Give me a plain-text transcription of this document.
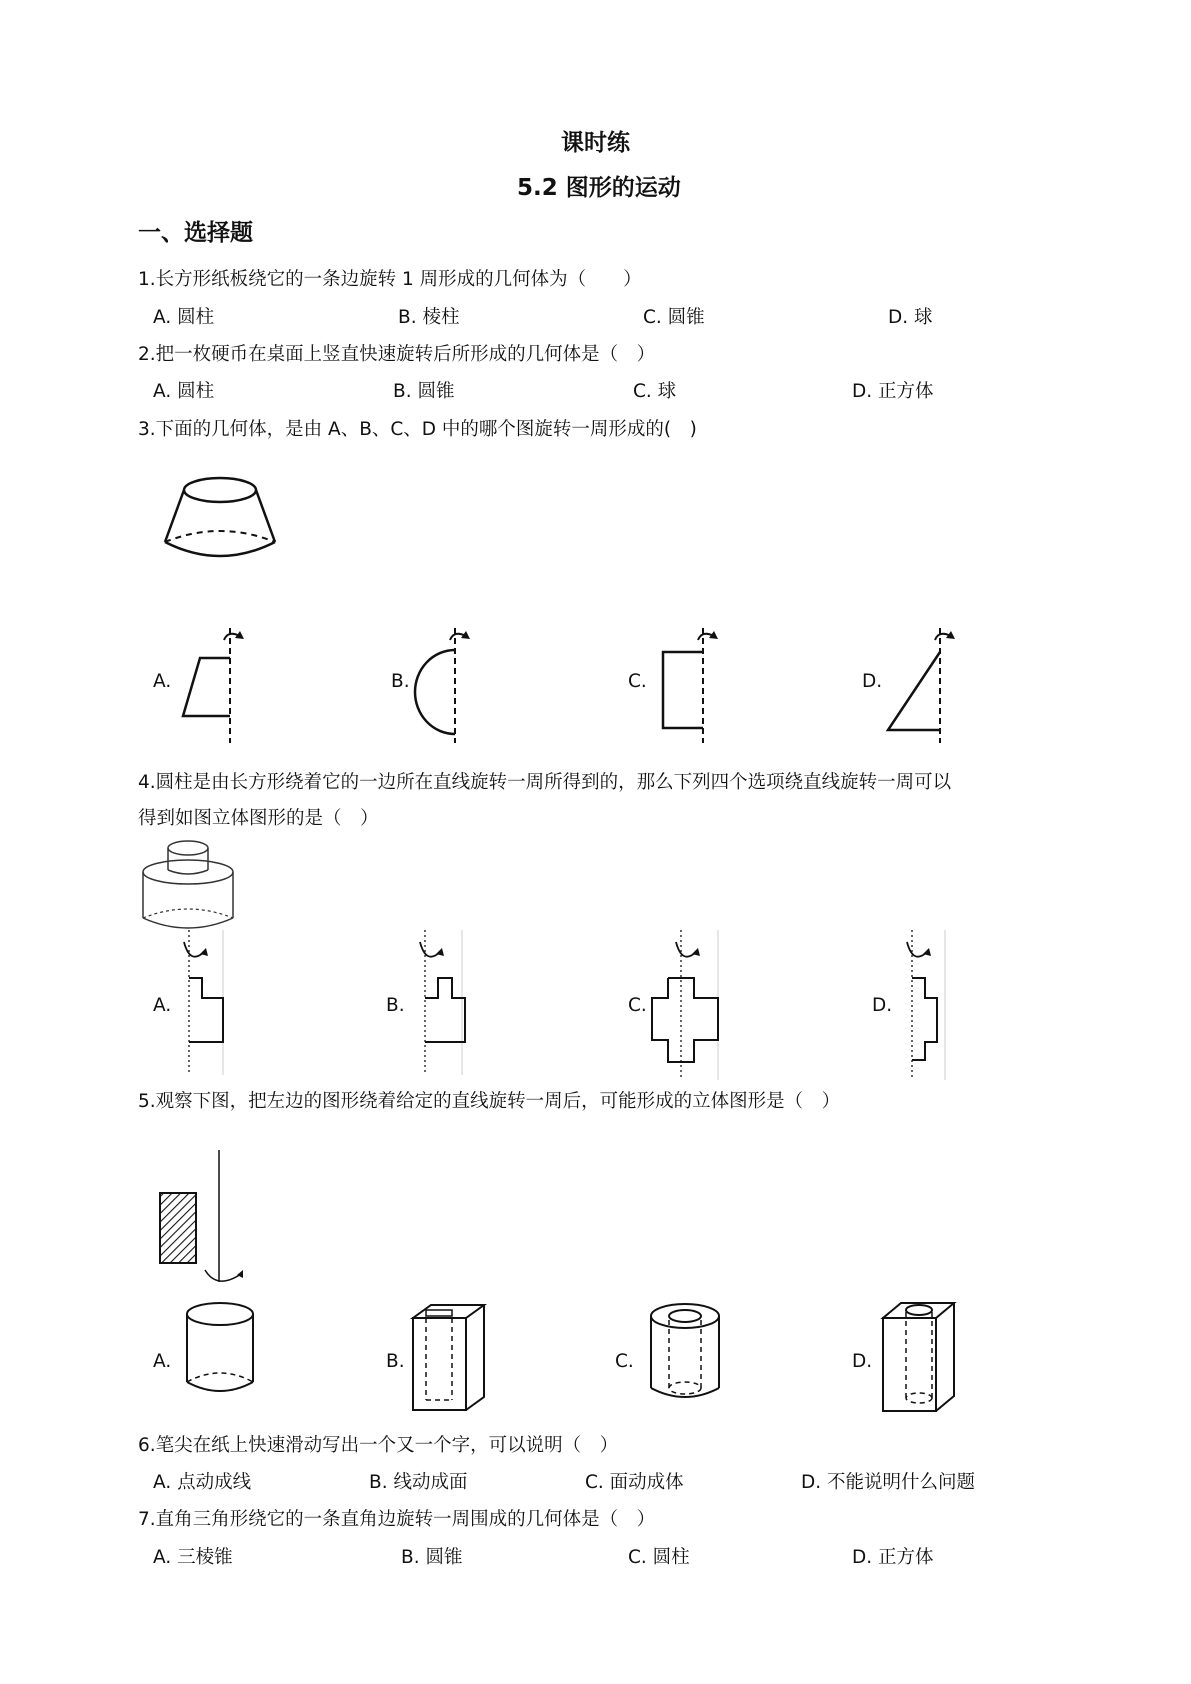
课时练
5.2 图形的运动
一、选择题
1.长方形纸板绕它的一条边旋转 1 周形成的几何体为（　　）
A. 圆柱	B. 棱柱	C. 圆锥	D. 球
2.把一枚硬币在桌面上竖直快速旋转后所形成的几何体是（　）
A. 圆柱	B. 圆锥	C. 球	D. 正方体
3.下面的几何体，是由 A、B、C、D 中的哪个图旋转一周形成的(　)
A.	B.	C.	D.
4.圆柱是由长方形绕着它的一边所在直线旋转一周所得到的，那么下列四个选项绕直线旋转一周可以
得到如图立体图形的是（　）
A.	B.	C.	D.
5.观察下图，把左边的图形绕着给定的直线旋转一周后，可能形成的立体图形是（　）
A.	B.	C.	D.
6.笔尖在纸上快速滑动写出一个又一个字，可以说明（　）
A. 点动成线	B. 线动成面	C. 面动成体	D. 不能说明什么问题
7.直角三角形绕它的一条直角边旋转一周围成的几何体是（　）
A. 三棱锥	B. 圆锥	C. 圆柱	D. 正方体
